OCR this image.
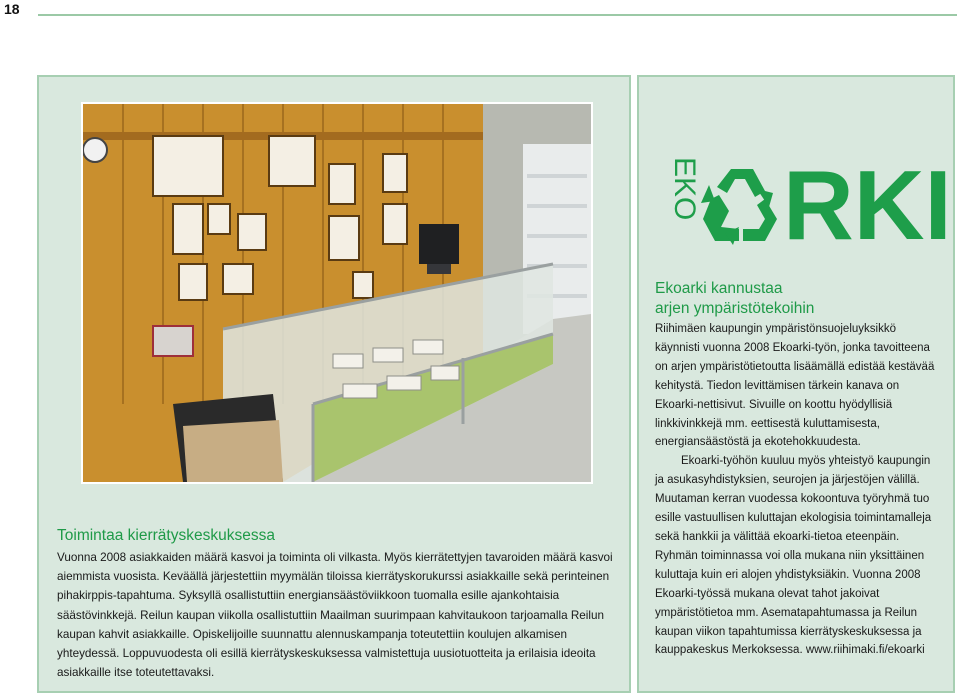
18
Toimintaa kierrätyskeskuksessa
Vuonna 2008 asiakkaiden määrä kasvoi ja toiminta oli vilkasta. Myös kierrätettyjen tavaroiden määrä kasvoi aiemmista vuosista. Keväällä järjestettiin myymälän tiloissa kierrätyskorukurssi asiakkaille sekä perinteinen pihakirppis-tapahtuma. Syksyllä osallistuttiin energiansäästöviikkoon tuomalla esille ajankohtaisia säästövinkkejä. Reilun kaupan viikolla osallistuttiin Maailman suurimpaan kahvitaukoon tarjoamalla Reilun kaupan kahvit asiakkaille. Opiskelijoille suunnattu alennuskampanja toteutettiin koulujen alkamisen yhteydessä. Loppuvuodesta oli esillä kierrätyskeskuksessa valmistettuja uusiotuotteita ja erilaisia ideoita asiakkaille itse toteutettavaksi.
EKO RKI
Ekoarki kannustaa
arjen ympäristötekoihin

Riihimäen kaupungin ympäristönsuojeluyksikkö käynnisti vuonna 2008 Ekoarki-työn, jonka tavoitteena on arjen ympäristötietoutta lisäämällä edistää kestävää kehitystä. Tiedon levittämisen tärkein kanava on Ekoarki-nettisivut. Sivuille on koottu hyödyllisiä linkkivinkkejä mm. eettisestä kuluttamisesta, energiansäästöstä ja ekotehokkuudesta.

Ekoarki-työhön kuuluu myös yhteistyö kaupungin ja asukasyhdistyksien, seurojen ja järjestöjen välillä. Muutaman kerran vuodessa kokoontuva työryhmä tuo esille vastuullisen kuluttajan ekologisia toimintamalleja sekä hankkii ja välittää ekoarki-tietoa eteenpäin. Ryhmän toiminnassa voi olla mukana niin yksittäinen kuluttaja kuin eri alojen yhdistyksiäkin. Vuonna 2008 Ekoarki-työssä mukana olevat tahot jakoivat ympäristötietoa mm. Asematapahtumassa ja Reilun kaupan viikon tapahtumissa kierrätyskeskuksessa ja kauppakeskus Merkoksessa. www.riihimaki.fi/ekoarki
